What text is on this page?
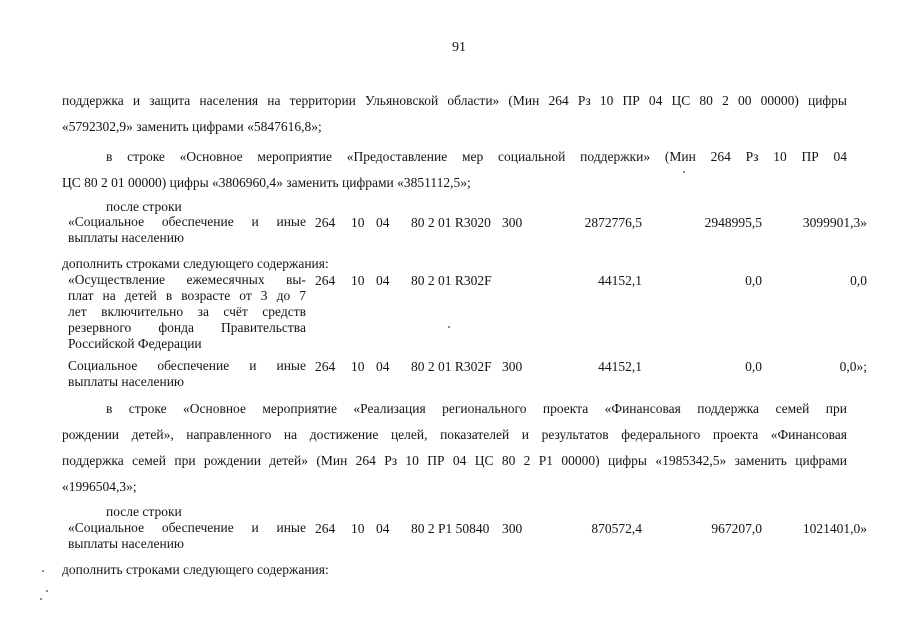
91
поддержка и защита населения на территории Ульяновской области» (Мин 264 Рз 10 ПР 04 ЦС 80 2 00 00000) цифры
«5792302,9» заменить цифрами «5847616,8»;
в строке «Основное мероприятие «Предоставление мер социальной поддержки» (Мин 264 Рз 10 ПР 04
ЦС 80 2 01 00000) цифры «3806960,4» заменить цифрами «3851112,5»;
после строки
«Социальное обеспечение и иные
выплаты населению
264 10 04 80 2 01 R3020 300	2872776,5	2948995,5	3099901,3»
дополнить строками следующего содержания:
«Осуществление ежемесячных вы-
плат на детей в возрасте от 3 до 7
лет включительно за счёт средств
резервного фонда Правительства
Российской Федерации
264 10 04 80 2 01 R302F	44152,1	0,0	0,0
Социальное обеспечение и иные
выплаты населению
264 10 04 80 2 01 R302F 300	44152,1	0,0	0,0»;
в строке «Основное мероприятие «Реализация регионального проекта «Финансовая поддержка семей при
рождении детей», направленного на достижение целей, показателей и результатов федерального проекта «Финансовая
поддержка семей при рождении детей» (Мин 264 Рз 10 ПР 04 ЦС 80 2 Р1 00000) цифры «1985342,5» заменить цифрами
«1996504,3»;
после строки
«Социальное обеспечение и иные
выплаты населению
264 10 04 80 2 Р1 50840 300	870572,4	967207,0	1021401,0»
дополнить строками следующего содержания:
